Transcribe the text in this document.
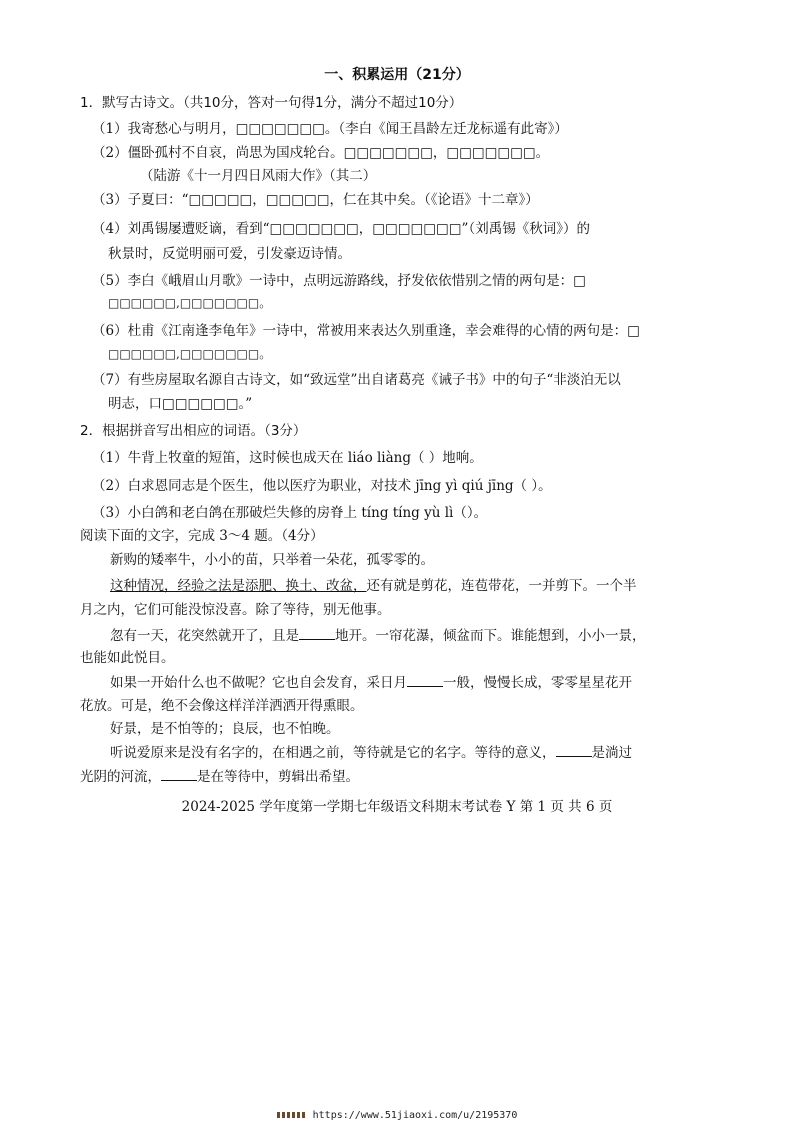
一、积累运用（21分）
1．默写古诗文。（共10分，答对一句得1分，满分不超过10分）
（1）我寄愁心与明月，□□□□□□□。（李白《闻王昌龄左迁龙标遥有此寄》）
（2）僵卧孤村不自哀，尚思为国戍轮台。□□□□□□□，□□□□□□□。
（陆游《十一月四日风雨大作》（其二）
（3）子夏曰：“□□□□□，□□□□□，仁在其中矣。（《论语》十二章》）
（4）刘禹锡屡遭贬谪，看到“□□□□□□□，□□□□□□□”（刘禹锡《秋词》）的
秋景时，反觉明丽可爱，引发豪迈诗情。
（5）李白《峨眉山月歌》一诗中，点明远游路线，抒发依依惜别之情的两句是：□
□□□□□□,□□□□□□□。
（6）杜甫《江南逢李龟年》一诗中，常被用来表达久别重逢，幸会难得的心情的两句是：□
□□□□□□,□□□□□□□。
（7）有些房屋取名源自古诗文，如“致远堂”出自诸葛亮《诫子书》中的句子“非淡泊无以
明志，口□□□□□□。”
2．根据拼音写出相应的词语。（3分）
（1）牛背上牧童的短笛，这时候也成天在 liáo liàng（ ）地响。
（2）白求恩同志是个医生，他以医疗为职业，对技术 jīng yì qiú jīng（ ）。
（3）小白鸽和老白鸽在那破烂失修的房脊上 tíng tíng yù lì（）。
阅读下面的文字，完成 3～4 题。（4分）
新购的矮率牛，小小的苗，只举着一朵花，孤零零的。
这种情况，经验之法是添肥、换土、改盆，还有就是剪花，连苞带花，一并剪下。一个半
月之内，它们可能没惊没喜。除了等待，别无他事。
忽有一天，花突然就开了，且是	地开。一帘花瀑，倾盆而下。谁能想到，小小一景，
也能如此悦目。
如果一开始什么也不做呢？它也自会发育，采日月	一般，慢慢长成，零零星星花开
花放。可是，绝不会像这样洋洋洒洒开得熏眼。
好景，是不怕等的；良辰，也不怕晚。
听说爱原来是没有名字的，在相遇之前，等待就是它的名字。等待的意义，	是淌过
光阴的河流，	是在等待中，剪辑出希望。
2024-2025 学年度第一学期七年级语文科期末考试卷 Y 第 1 页 共 6 页
https://www.51jiaoxi.com/u/2195370
